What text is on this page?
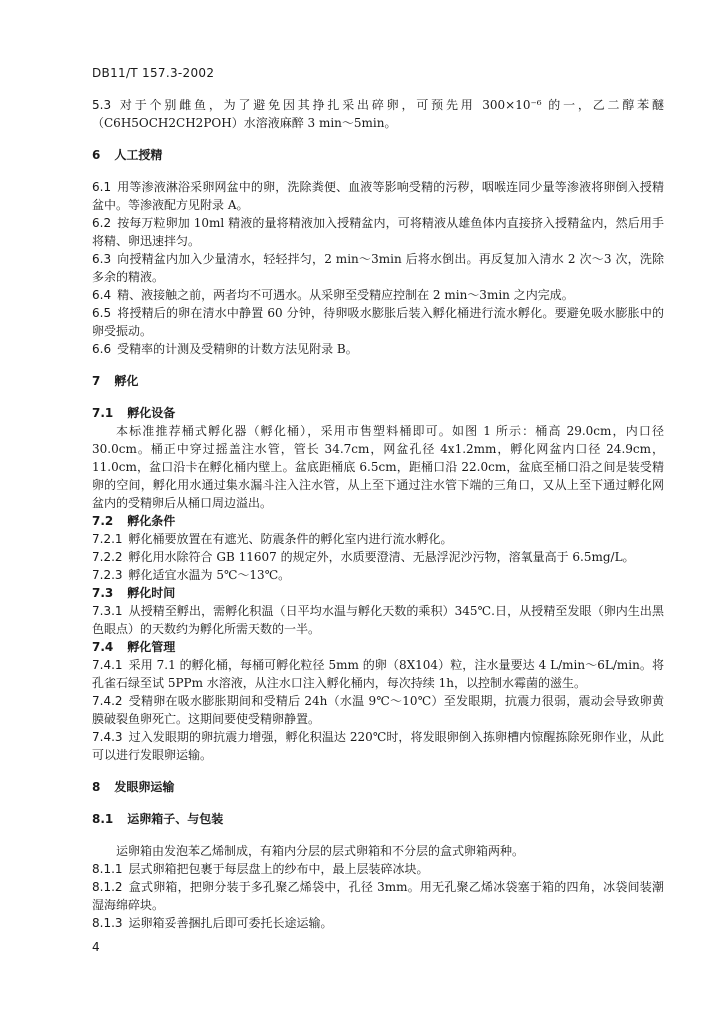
DB11/T 157.3-2002
5.3 对于个别雌鱼，为了避免因其挣扎采出碎卵，可预先用 300×10⁻⁶ 的一，乙二醇苯醚（C6H5OCH2CH2POH）水溶液麻醉 3 min～5min。
6 人工授精
6.1 用等渗液淋浴采卵网盆中的卵，洗除粪便、血液等影响受精的污秽，咽喉连同少量等渗液将卵倒入授精盆中。等渗液配方见附录 A。
6.2 按每万粒卵加 10ml 精液的量将精液加入授精盆内，可将精液从雄鱼体内直接挤入授精盆内，然后用手将精、卵迅速拌匀。
6.3 向授精盆内加入少量清水，轻轻拌匀，2 min～3min 后将水倒出。再反复加入清水 2 次～3 次，洗除多余的精液。
6.4 精、液接触之前，两者均不可遇水。从采卵至受精应控制在 2 min～3min 之内完成。
6.5 将授精后的卵在清水中静置 60 分钟，待卵吸水膨胀后装入孵化桶进行流水孵化。要避免吸水膨胀中的卵受振动。
6.6 受精率的计测及受精卵的计数方法见附录 B。
7 孵化
7.1 孵化设备
本标准推荐桶式孵化器（孵化桶），采用市售塑料桶即可。如图 1 所示：桶高 29.0cm，内口径 30.0cm。桶正中穿过摇盖注水管，管长 34.7cm，网盆孔径 4x1.2mm，孵化网盆内口径 24.9cm，11.0cm，盆口沿卡在孵化桶内壁上。盆底距桶底 6.5cm，距桶口沿 22.0cm，盆底至桶口沿之间是装受精卵的空间，孵化用水通过集水漏斗注入注水管，从上至下通过注水管下端的三角口，又从上至下通过孵化网盆内的受精卵后从桶口周边溢出。
7.2 孵化条件
7.2.1 孵化桶要放置在有遮光、防震条件的孵化室内进行流水孵化。
7.2.2 孵化用水除符合 GB 11607 的规定外，水质要澄清、无悬浮泥沙污物，溶氧量高于 6.5mg/L。
7.2.3 孵化适宜水温为 5℃～13℃。
7.3 孵化时间
7.3.1 从授精至孵出，需孵化积温（日平均水温与孵化天数的乘积）345℃.日，从授精至发眼（卵内生出黑色眼点）的天数约为孵化所需天数的一半。
7.4 孵化管理
7.4.1 采用 7.1 的孵化桶，每桶可孵化粒径 5mm 的卵（8X104）粒，注水量要达 4 L/min～6L/min。将孔雀石绿至试 5PPm 水溶液，从注水口注入孵化桶内，每次持续 1h，以控制水霉菌的滋生。
7.4.2 受精卵在吸水膨胀期间和受精后 24h（水温 9℃～10℃）至发眼期，抗震力很弱，震动会导致卵黄膜破裂鱼卵死亡。这期间要使受精卵静置。
7.4.3 过入发眼期的卵抗震力增强，孵化积温达 220℃时，将发眼卵倒入拣卵槽内惊醒拣除死卵作业，从此可以进行发眼卵运输。
8 发眼卵运输
8.1 运卵箱子、与包装
运卵箱由发泡苯乙烯制成，有箱内分层的层式卵箱和不分层的盒式卵箱两种。
8.1.1 层式卵箱把包裹于每层盘上的纱布中，最上层装碎冰块。
8.1.2 盒式卵箱，把卵分装于多孔聚乙烯袋中，孔径 3mm。用无孔聚乙烯冰袋塞于箱的四角，冰袋间装潮湿海绵碎块。
8.1.3 运卵箱妥善捆扎后即可委托长途运输。
4
